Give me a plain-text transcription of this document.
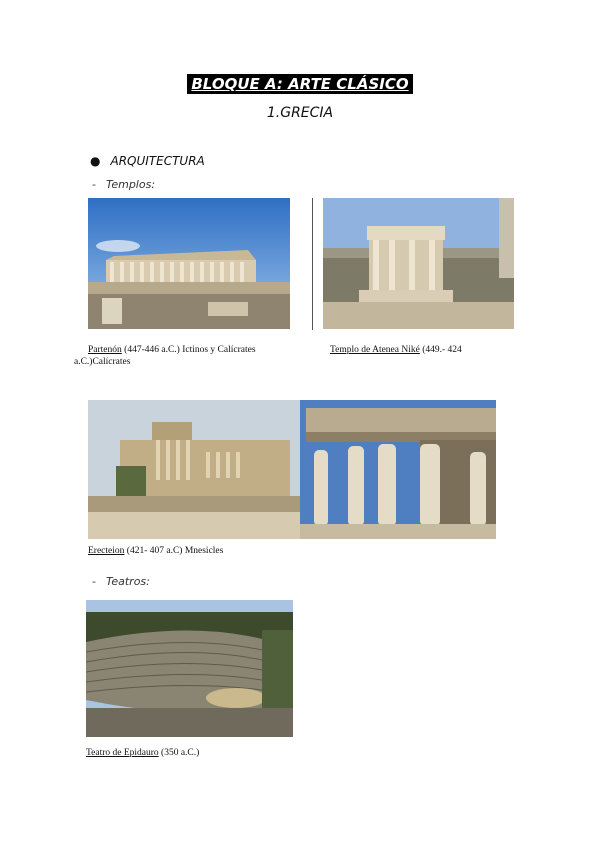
BLOQUE A: ARTE CLÁSICO
1.GRECIA
● ARQUITECTURA
- Templos:
Partenón (447-446 a.C.) Ictinos y Calícrates
a.C.)Calícrates
Templo de Atenea Niké (449.- 424
Erecteion (421- 407 a.C) Mnesicles
- Teatros:
Teatro de Epidauro (350 a.C.)
